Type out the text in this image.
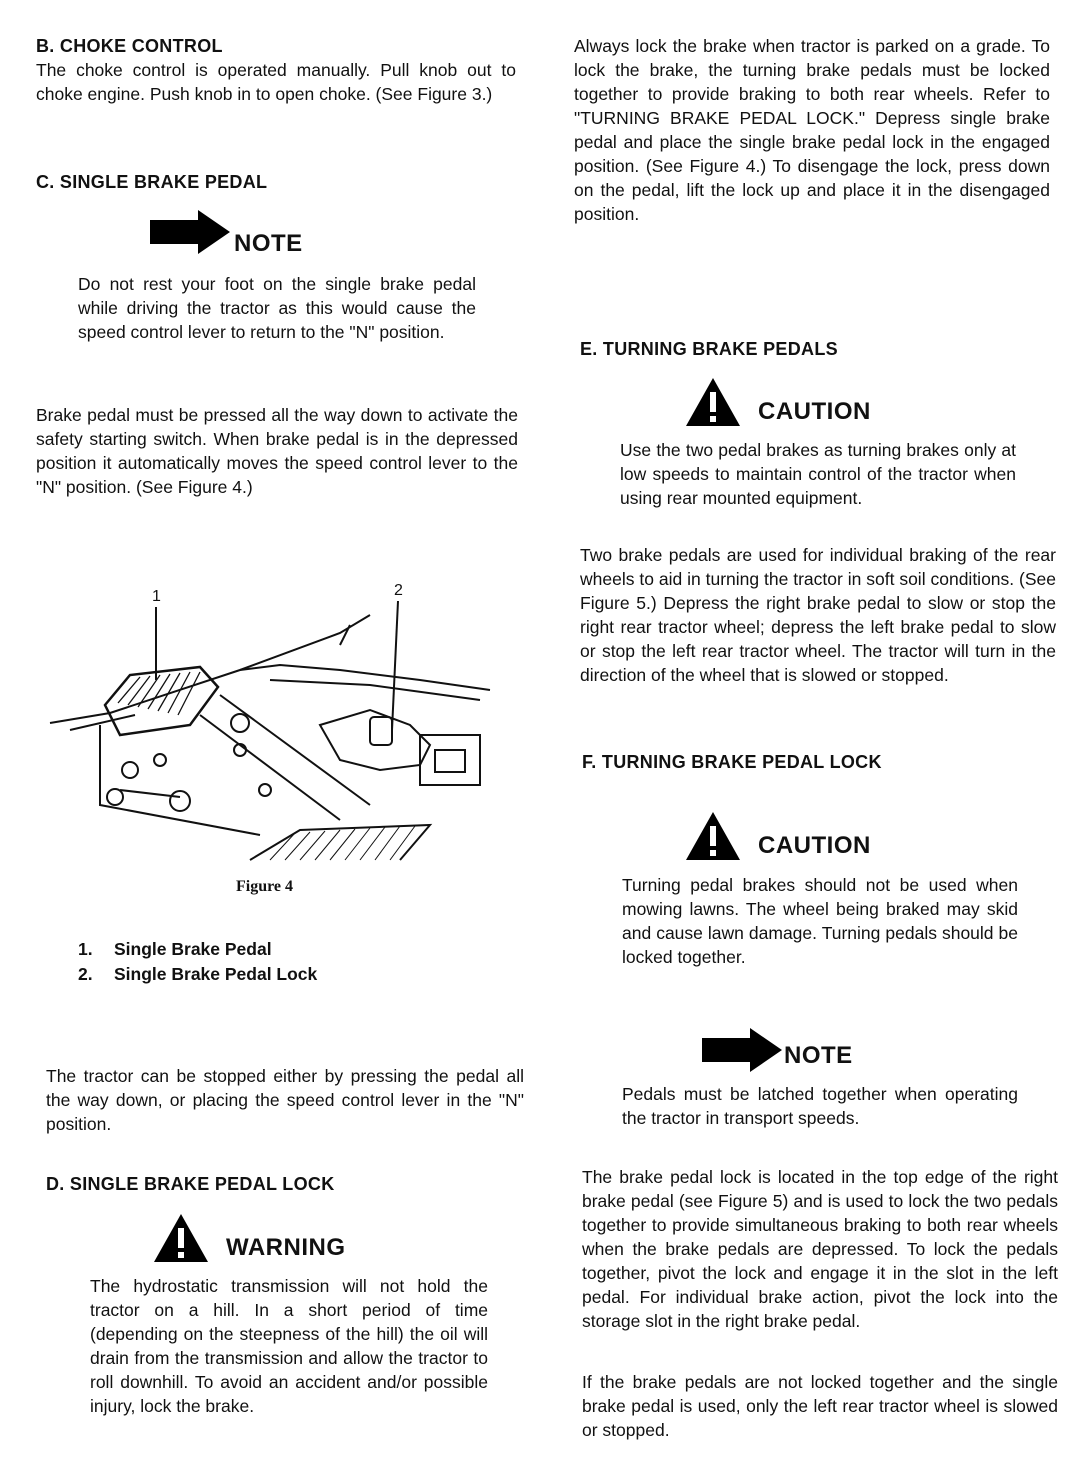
B. CHOKE CONTROL
The choke control is operated manually. Pull knob out to choke engine. Push knob in to open choke. (See Figure 3.)
C. SINGLE BRAKE PEDAL
NOTE
Do not rest your foot on the single brake pedal while driving the tractor as this would cause the speed control lever to return to the "N" position.
Brake pedal must be pressed all the way down to activate the safety starting switch. When brake pedal is in the depressed position it automatically moves the speed control lever to the "N" position. (See Figure 4.)
1	2
Figure 4
1.	Single Brake Pedal
2.	Single Brake Pedal Lock
The tractor can be stopped either by pressing the pedal all the way down, or placing the speed control lever in the "N" position.
D. SINGLE BRAKE PEDAL LOCK
WARNING
The hydrostatic transmission will not hold the tractor on a hill. In a short period of time (depending on the steepness of the hill) the oil will drain from the transmission and allow the tractor to roll downhill. To avoid an accident and/or possible injury, lock the brake.
Always lock the brake when tractor is parked on a grade. To lock the brake, the turning brake pedals must be locked together to provide braking to both rear wheels. Refer to "TURNING BRAKE PEDAL LOCK." Depress single brake pedal and place the single brake pedal lock in the engaged position. (See Figure 4.) To disengage the lock, press down on the pedal, lift the lock up and place it in the disengaged position.
E. TURNING BRAKE PEDALS
CAUTION
Use the two pedal brakes as turning brakes only at low speeds to maintain control of the tractor when using rear mounted equipment.
Two brake pedals are used for individual braking of the rear wheels to aid in turning the tractor in soft soil conditions. (See Figure 5.) Depress the right brake pedal to slow or stop the right rear tractor wheel; depress the left brake pedal to slow or stop the left rear tractor wheel. The tractor will turn in the direction of the wheel that is slowed or stopped.
F. TURNING BRAKE PEDAL LOCK
CAUTION
Turning pedal brakes should not be used when mowing lawns. The wheel being braked may skid and cause lawn damage. Turning pedals should be locked together.
NOTE
Pedals must be latched together when operating the tractor in transport speeds.
The brake pedal lock is located in the top edge of the right brake pedal (see Figure 5) and is used to lock the two pedals together to provide simultaneous braking to both rear wheels when the brake pedals are depressed. To lock the pedals together, pivot the lock and engage it in the slot in the left pedal. For individual brake action, pivot the lock into the storage slot in the right brake pedal.
If the brake pedals are not locked together and the single brake pedal is used, only the left rear tractor wheel is slowed or stopped.
